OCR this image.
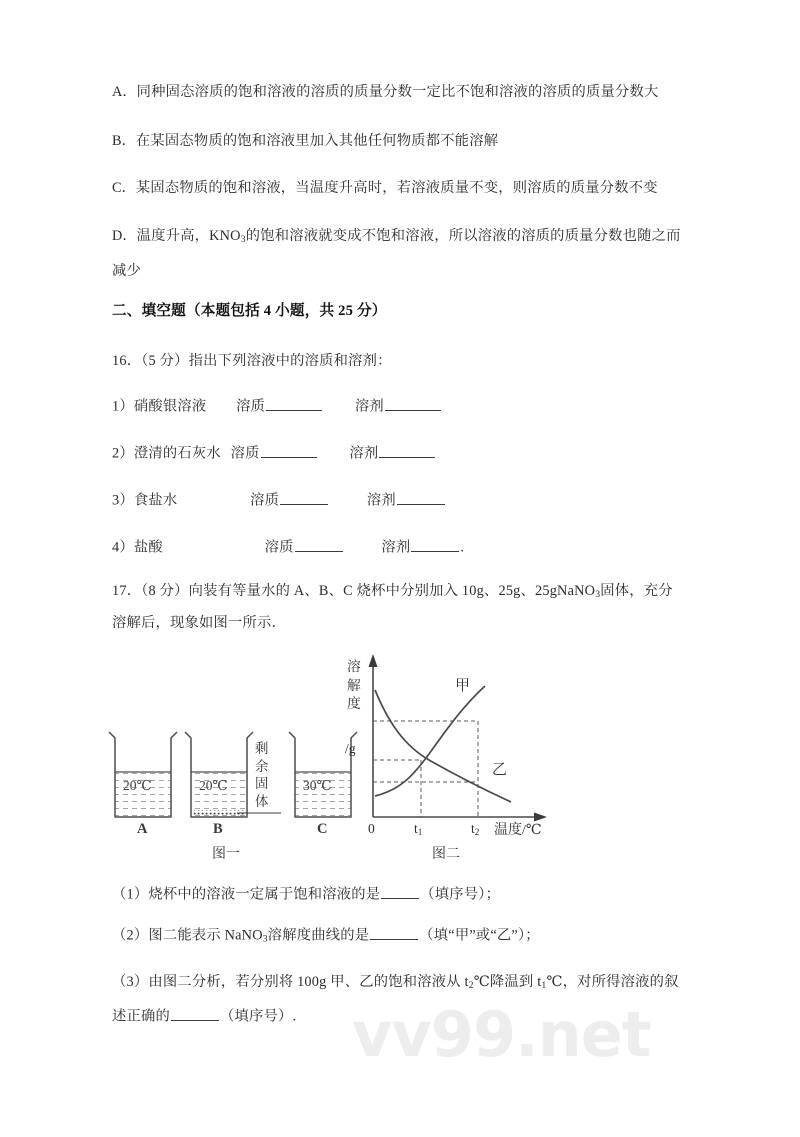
vv99.net
A．同种固态溶质的饱和溶液的溶质的质量分数一定比不饱和溶液的溶质的质量分数大
B．在某固态物质的饱和溶液里加入其他任何物质都不能溶解
C．某固态物质的饱和溶液，当温度升高时，若溶液质量不变，则溶质的质量分数不变
D．温度升高，$KNO_3$的饱和溶液就变成不饱和溶液，所以溶液的溶质的质量分数也随之而
减少
二、填空题（本题包括 4 小题，共 25 分）
16．（5 分）指出下列溶液中的溶质和溶剂：
1）硝酸银溶液 溶质	溶剂
2）澄清的石灰水 溶质	溶剂
3）食盐水	溶质	溶剂
4）盐酸	溶质	溶剂	.
17．（8 分）向装有等量水的 A、B、C 烧杯中分别加入 10g、25g、25gNaNO$_3$固体，充分
溶解后，现象如图一所示．
（1）烧杯中的溶液一定属于饱和溶液的是	（填序号）；
（2）图二能表示 NaNO$_3$溶解度曲线的是	（填“甲”或“乙”）；
（3）由图二分析，若分别将 100g 甲、乙的饱和溶液从 $t_2℃$降温到 $t_1℃$，对所得溶液的叙
述正确的	（填序号）.
20℃	20℃	30℃
剩余固体
A	B	C
图一
溶解度
/g
甲
乙
0	$t_1$	$t_2$ 温度/℃
图二
